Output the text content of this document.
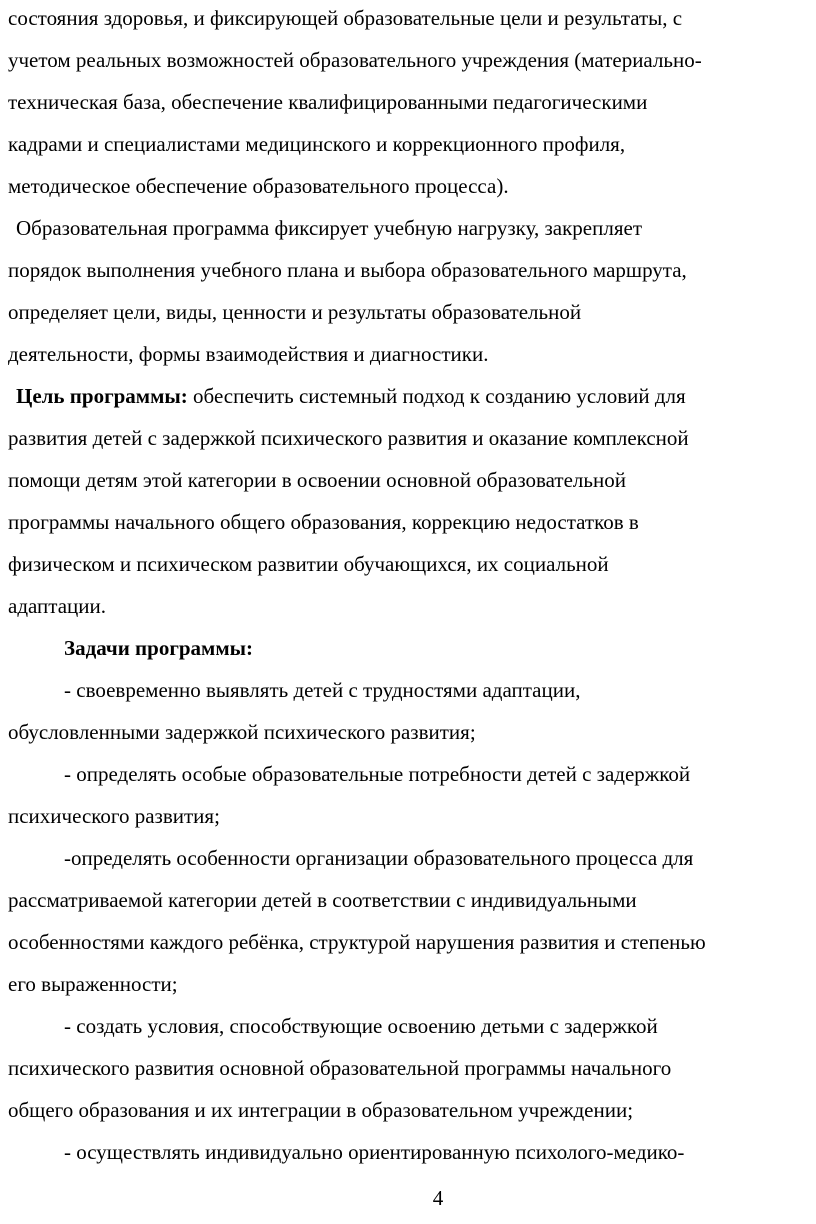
состояния здоровья, и фиксирующей образовательные цели и результаты, с
учетом реальных возможностей образовательного учреждения (материально-
техническая база, обеспечение квалифицированными педагогическими
кадрами и специалистами медицинского и коррекционного профиля,
методическое обеспечение образовательного процесса).
Образовательная программа фиксирует учебную нагрузку, закрепляет
порядок выполнения учебного плана и выбора образовательного маршрута,
определяет цели, виды, ценности и результаты образовательной
деятельности, формы взаимодействия и диагностики.
Цель программы: обеспечить системный подход к созданию условий для
развития детей с задержкой психического развития и оказание комплексной
помощи детям этой категории в освоении основной образовательной
программы начального общего образования, коррекцию недостатков в
физическом и психическом развитии обучающихся, их социальной
адаптации.
Задачи программы:
- своевременно выявлять детей с трудностями адаптации,
обусловленными задержкой психического развития;
- определять особые образовательные потребности детей с задержкой
психического развития;
-определять особенности организации образовательного процесса для
рассматриваемой категории детей в соответствии с индивидуальными
особенностями каждого ребёнка, структурой нарушения развития и степенью
его выраженности;
- создать условия, способствующие освоению детьми с задержкой
психического развития основной образовательной программы начального
общего образования и их интеграции в образовательном учреждении;
- осуществлять индивидуально ориентированную психолого-медико-
4
